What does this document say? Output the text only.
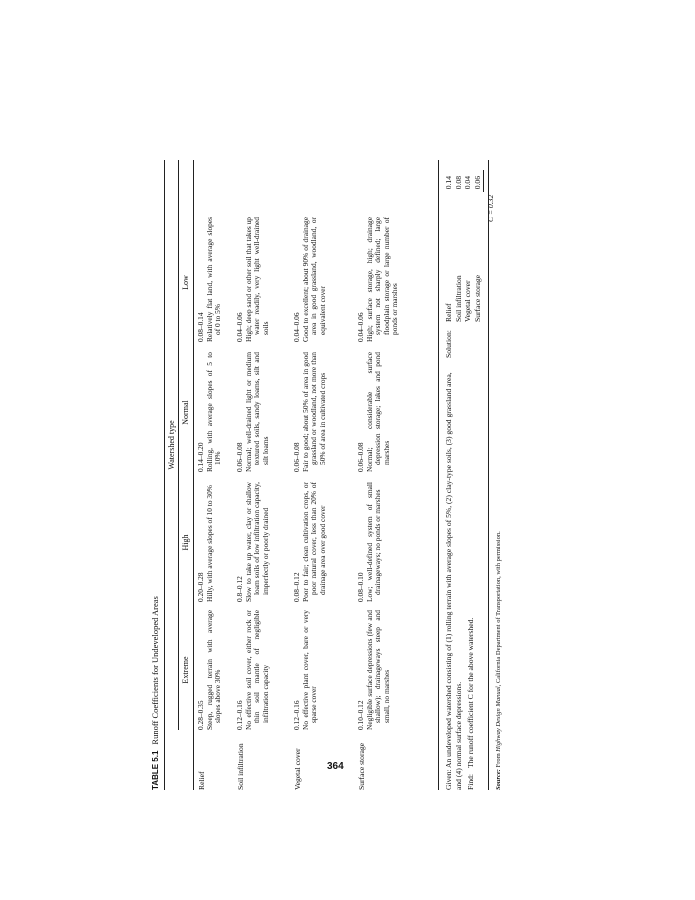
364
TABLE 5.1Runoff Coefficients for Undeveloped Areas
Watershed type
Extreme
High
Normal
Low
Relief
0.28–0.35 Steep, rugged terrain with average slopes above 30%
0.20–0.28 Hilly, with average slopes of 10 to 30%
0.14–0.20 Rolling, with average slopes of 5 to 10%
0.08–0.14 Relatively flat land, with average slopes of 0 to 5%
Soil infiltration
0.12–0.16 No effective soil cover, either rock or thin soil mantle of negligible infiltration capacity
0.8–0.12 Slow to take up water, clay or shallow loam soils of low infiltration capacity, imperfectly or poorly drained
0.06–0.08 Normal; well-drained light or medium textured soils, sandy loams, silt and silt loams
0.04–0.06 High; deep sand or other soil that takes up water readily, very light well-drained soils
Vegetal cover
0.12–0.16 No effective plant cover, bare or very sparse cover
0.08–0.12 Poor to fair; clean cultivation crops, or poor natural cover, less than 20% of drainage area over good cover
0.06–0.08 Fair to good; about 50% of area in good grassland or woodland, not more than 50% of area in cultivated crops
0.04–0.06 Good to excellent; about 90% of drainage area in good grassland, woodland, or equivalent cover
Surface storage
0.10–0.12 Negligible surface depressions (few and shallow); drainageways steep and small, no marshes
0.08–0.10 Low; well-defined system of small drainageways; no ponds or marshes
0.06–0.08 Normal; considerable surface depression storage; lakes and pond marshes
0.04–0.06 High; surface storage, high; drainage system not sharply defined; large floodplain storage or large number of ponds or marshes
Given:An undeveloped watershed consisting of (1) rolling terrain with average slopes of 5%, (2) clay-type soils, (3) good grassland area, and (4) normal surface depressions. Find:The runoff coefficient C for the above watershed.
Solution:
Relief
0.14
Soil infiltration
0.08
Vegetal cover
0.04
Surface storage
0.06
C = 0.32
Source: From Highway Design Manual, California Department of Transportation, with permission.
